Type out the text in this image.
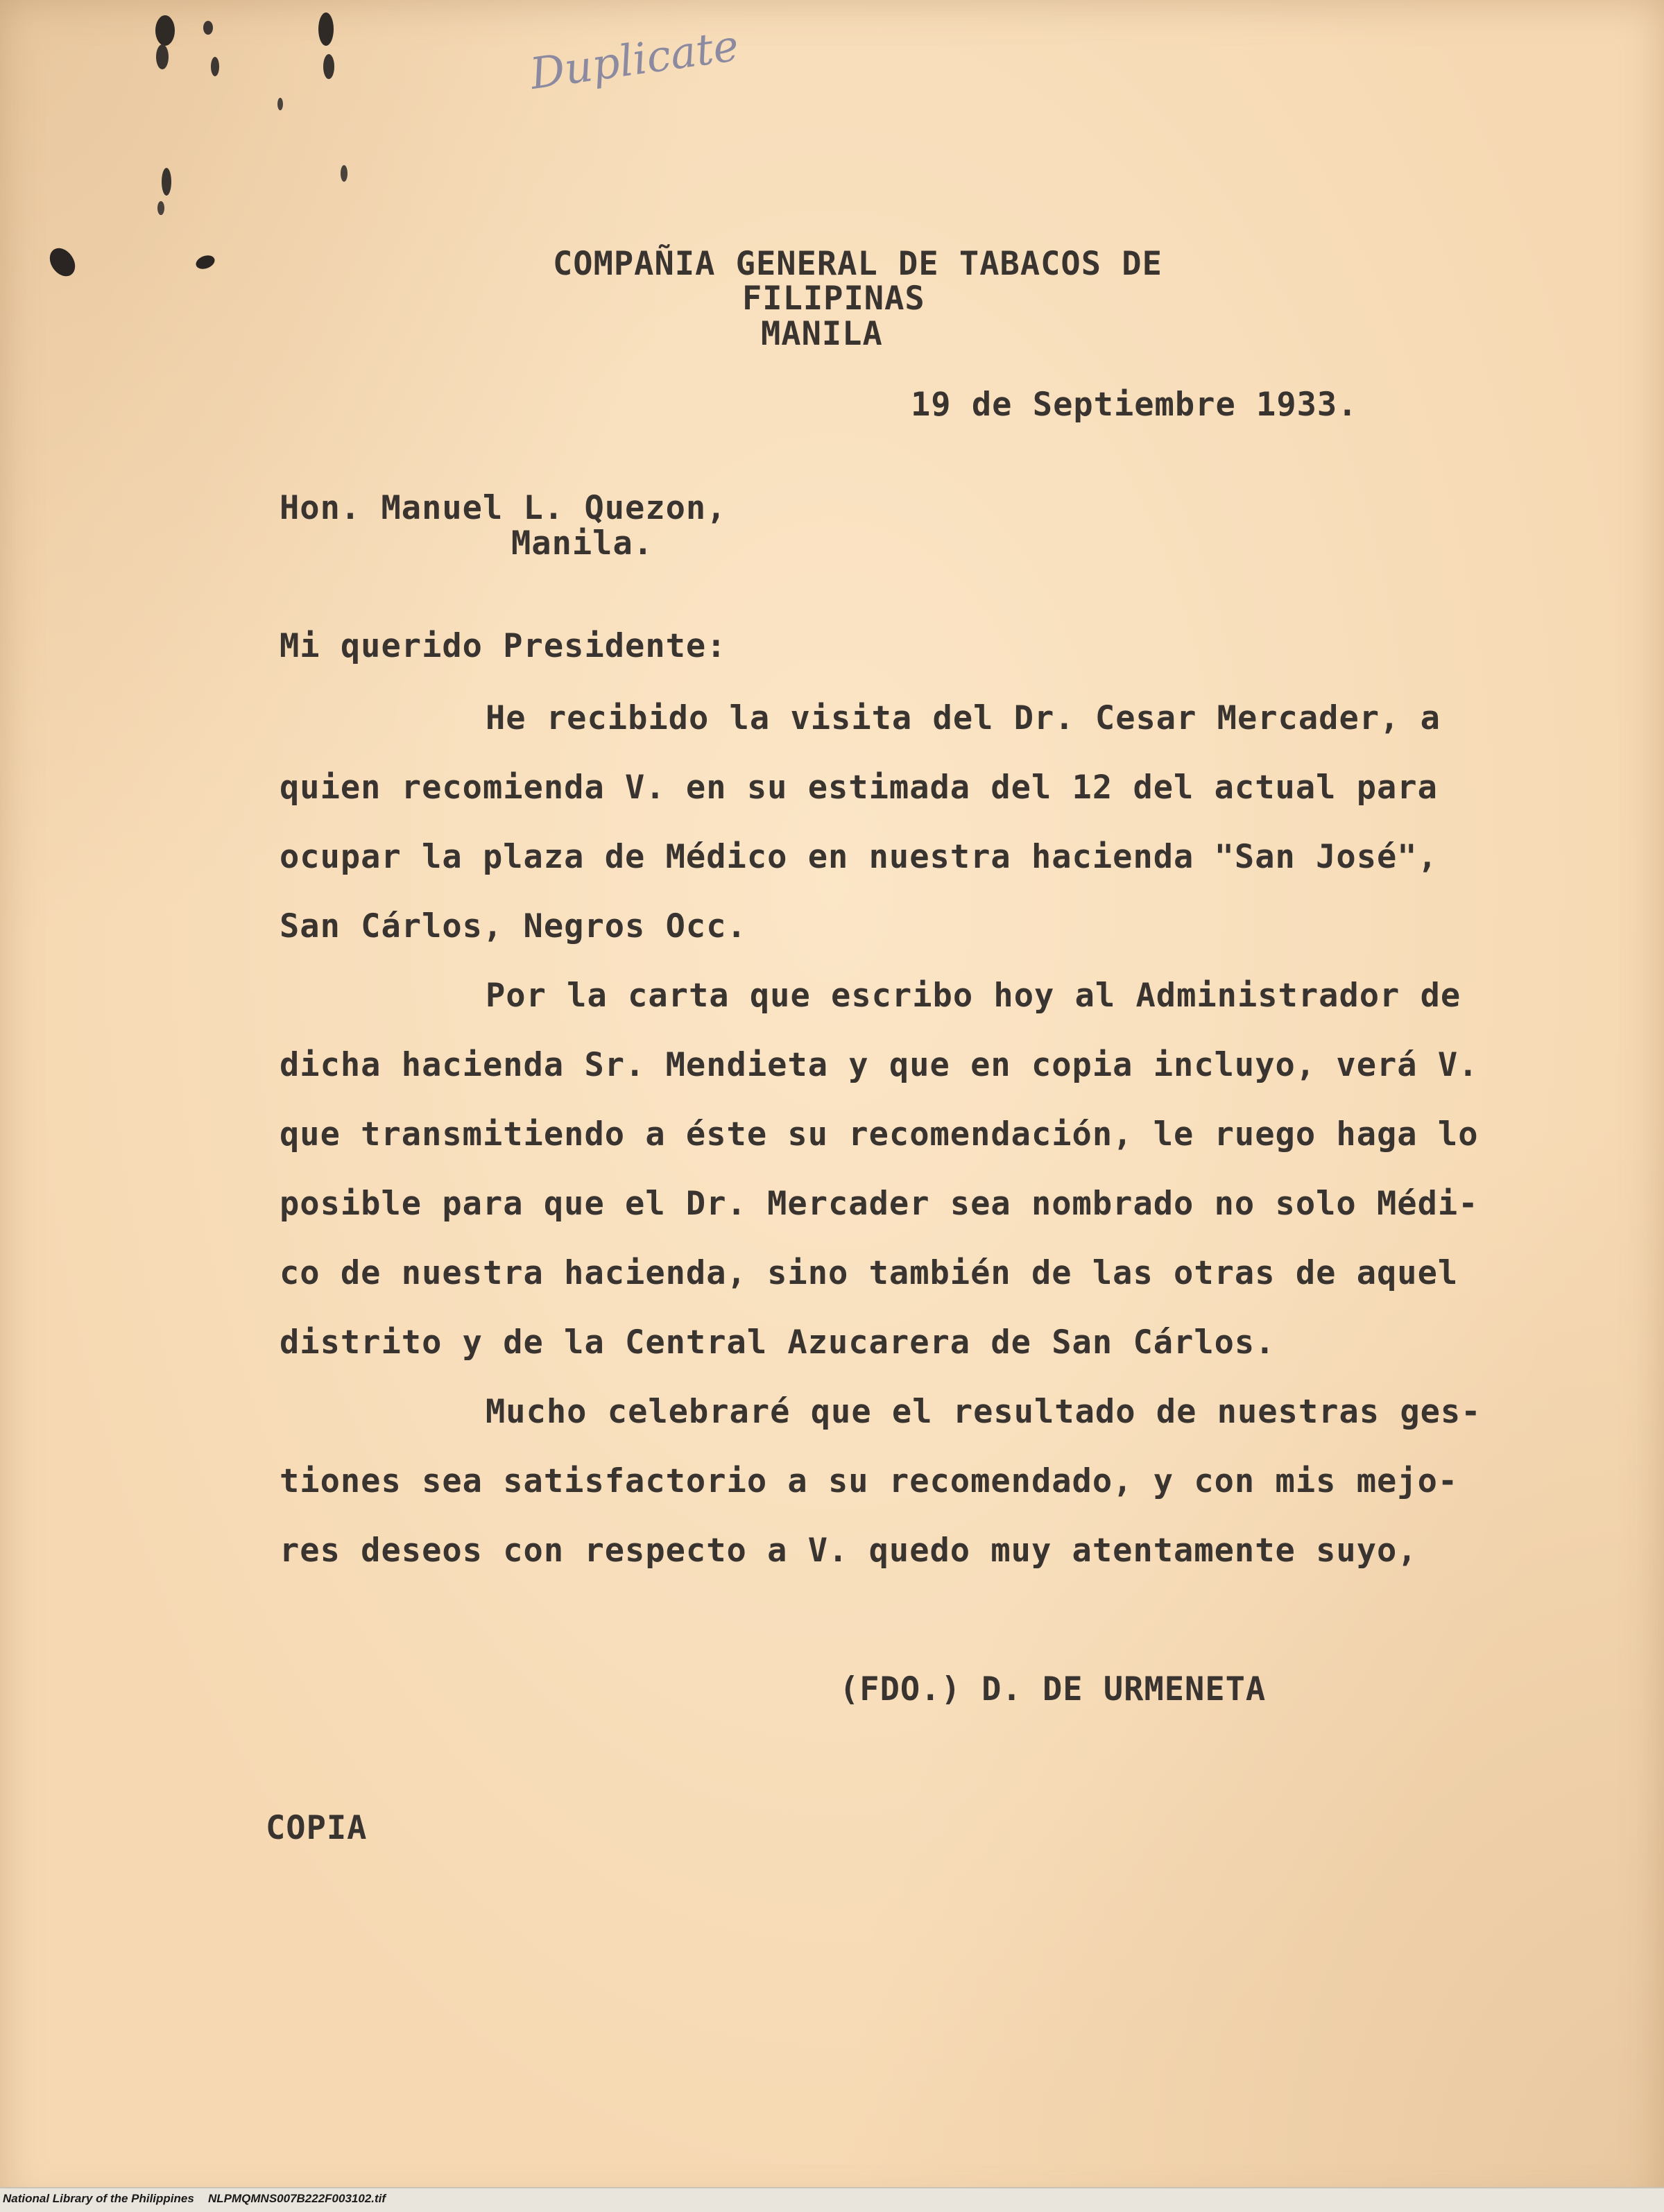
Duplicate

COMPAÑIA GENERAL DE TABACOS DE

FILIPINAS

MANILA

19 de Septiembre 1933.

Hon. Manuel L. Quezon,

Manila.

Mi querido Presidente:

He recibido la visita del Dr. Cesar Mercader, a

quien recomienda V. en su estimada del 12 del actual para

ocupar la plaza de Médico en nuestra hacienda "San José",

San Cárlos, Negros Occ.

Por la carta que escribo hoy al Administrador de

dicha hacienda Sr. Mendieta y que en copia incluyo, verá V.

que transmitiendo a éste su recomendación, le ruego haga lo

posible para que el Dr. Mercader sea nombrado no solo Médi-

co de nuestra hacienda, sino también de las otras de aquel

distrito y de la Central Azucarera de San Cárlos.

Mucho celebraré que el resultado de nuestras ges-

tiones sea satisfactorio a su recomendado, y con mis mejo-

res deseos con respecto a V. quedo muy atentamente suyo,

(FDO.) D. DE URMENETA

COPIA

National Library of the Philippines NLPMQMNS007B222F003102.tif
